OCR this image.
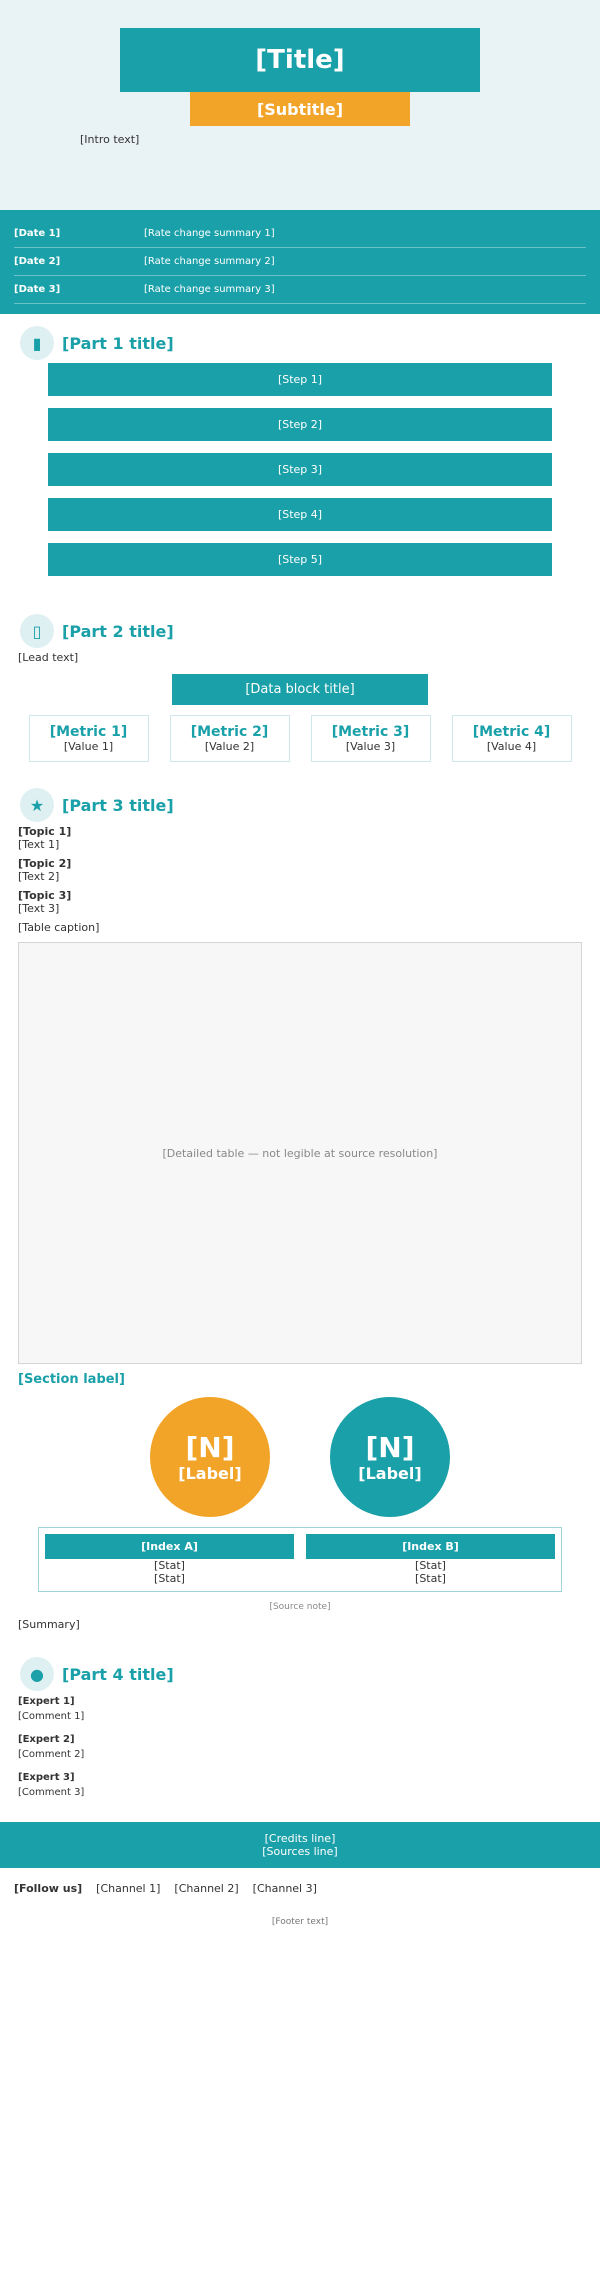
[Title]
[Subtitle]
[Intro text]
[Date 1]	[Rate change summary 1]
[Date 2]	[Rate change summary 2]
[Date 3]	[Rate change summary 3]
▮	[Part 1 title]
[Step 1]
[Step 2]
[Step 3]
[Step 4]
[Step 5]
▯	[Part 2 title]
[Lead text]
[Data block title]
[Metric 1]
[Value 1]
[Metric 2]
[Value 2]
[Metric 3]
[Value 3]
[Metric 4]
[Value 4]
★	[Part 3 title]
[Topic 1]
[Text 1]
[Topic 2]
[Text 2]
[Topic 3]
[Text 3]
[Table caption]
[Detailed table — not legible at source resolution]
[Section label]
[N]
[Label]
[N]
[Label]
[Index A]
[Stat]
[Stat]
[Index B]
[Stat]
[Stat]
[Source note]
[Summary]
●	[Part 4 title]
[Expert 1]
[Comment 1]
[Expert 2]
[Comment 2]
[Expert 3]
[Comment 3]
[Credits line]
[Sources line]
[Follow us] [Channel 1] [Channel 2] [Channel 3]
[Footer text]
